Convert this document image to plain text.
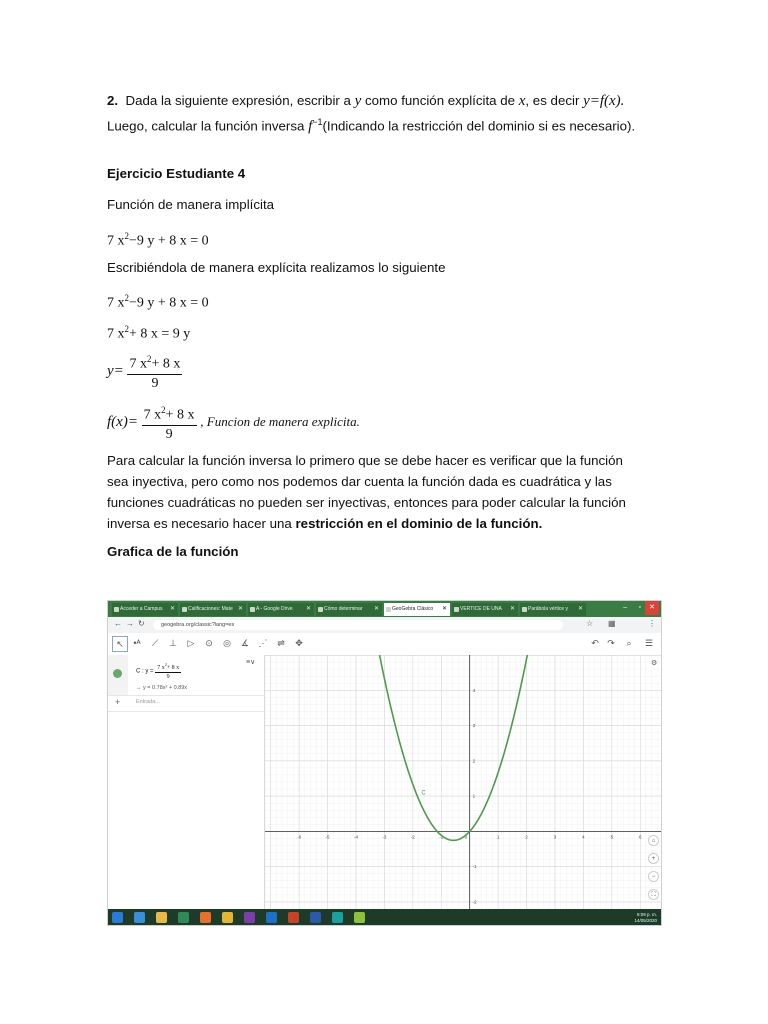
2. Dada la siguiente expresión, escribir a y como función explícita de x, es decir y=f(x).
Luego, calcular la función inversa $f^{-1}(Indicando$ la restricción del dominio si es necesario).
Ejercicio Estudiante 4
Función de manera implícita
7 $x^2-9$ y + 8 x = 0
Escribiéndola de manera explícita realizamos lo siguiente
7 $x^2-9$ y + 8 x = 0
7 $x^2+ 8$ x = 9 y
$y= \frac{7 x^2+ 8 x}{9}$
$f(x)= \frac{7 x^2+ 8 x}{9}$ , Funcion de manera explicita.
Para calcular la función inversa lo primero que se debe hacer es verificar que la función sea inyectiva, pero como nos podemos dar cuenta la función dada es cuadrática y las funciones cuadráticas no pueden ser inyectivas, entonces para poder calcular la función inversa es necesario hacer una restricción en el dominio de la función.
Grafica de la función
Acceder a Campus ✕	Calificaciones: Mate ✕	A - Google Drive ✕	Cómo determinar ✕	GeoGebra Clásico ✕	VERTICE DE UNA ✕	Parábola vértice y ✕	– ▫	✕
← → ↻	geogebra.org/classic?lang=es	☆ ▦	⋮
↖	•ᴬ	⟋	⊥	▷	⊙	◎	∡	⋰	⇌	✥	↶ ↷	⌕	☰
C : $y = \frac{7 x^2+ 8 x}{9}$
→ y = 0.78x² + 0.89x
+	Entrada...
≡∨
-6	-5	-4	-3	-2	-1	1	2	3	4	5	6
4
3
2
1
-1
-2
0
C
⚙
⌂
+
−
⛶
8:09 p. m.
14/05/2020
